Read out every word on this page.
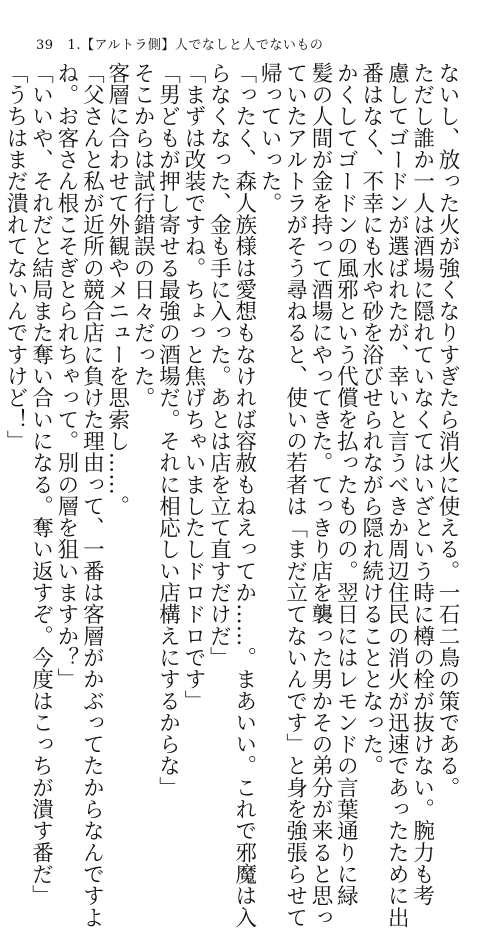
39 1.【アルトラ側】人でなしと人でないもの
ないし、放った火が強くなりすぎたら消火に使える。一石二鳥の策である。
ただし誰か一人は酒場に隠れていなくてはいざという時に樽の栓が抜けない。腕力も考
慮してゴードンが選ばれたが、幸いと言うべきか周辺住民の消火が迅速であったために出
番はなく、不幸にも水や砂を浴びせられながら隠れ続けることとなった。
かくしてゴードンの風邪という代償を払ったものの。翌日にはレモンドの言葉通りに緑
髪の人間が金を持って酒場にやってきた。てっきり店を襲った男かその弟分が来ると思っ
ていたアルトラがそう尋ねると、使いの若者は「まだ立てないんです」と身を強張らせて
帰っていった。
「ったく、森人族様は愛想もなければ容赦もねえってか……。まあいい。これで邪魔は入
らなくなった、金も手に入った。あとは店を立て直すだけだ」
「まずは改装ですね。ちょっと焦げちゃいましたしドロドロです」
「男どもが押し寄せる最強の酒場だ。それに相応しい店構えにするからな」
そこからは試行錯誤の日々だった。
客層に合わせて外観やメニューを思索し……。
「父さんと私が近所の競合店に負けた理由って、一番は客層がかぶってたからなんですよ
ね。お客さん根こそぎとられちゃって。別の層を狙いますか？」
「いいや、それだと結局また奪い合いになる。奪い返すぞ。今度はこっちが潰す番だ」
「うちはまだ潰れてないんですけど！」
